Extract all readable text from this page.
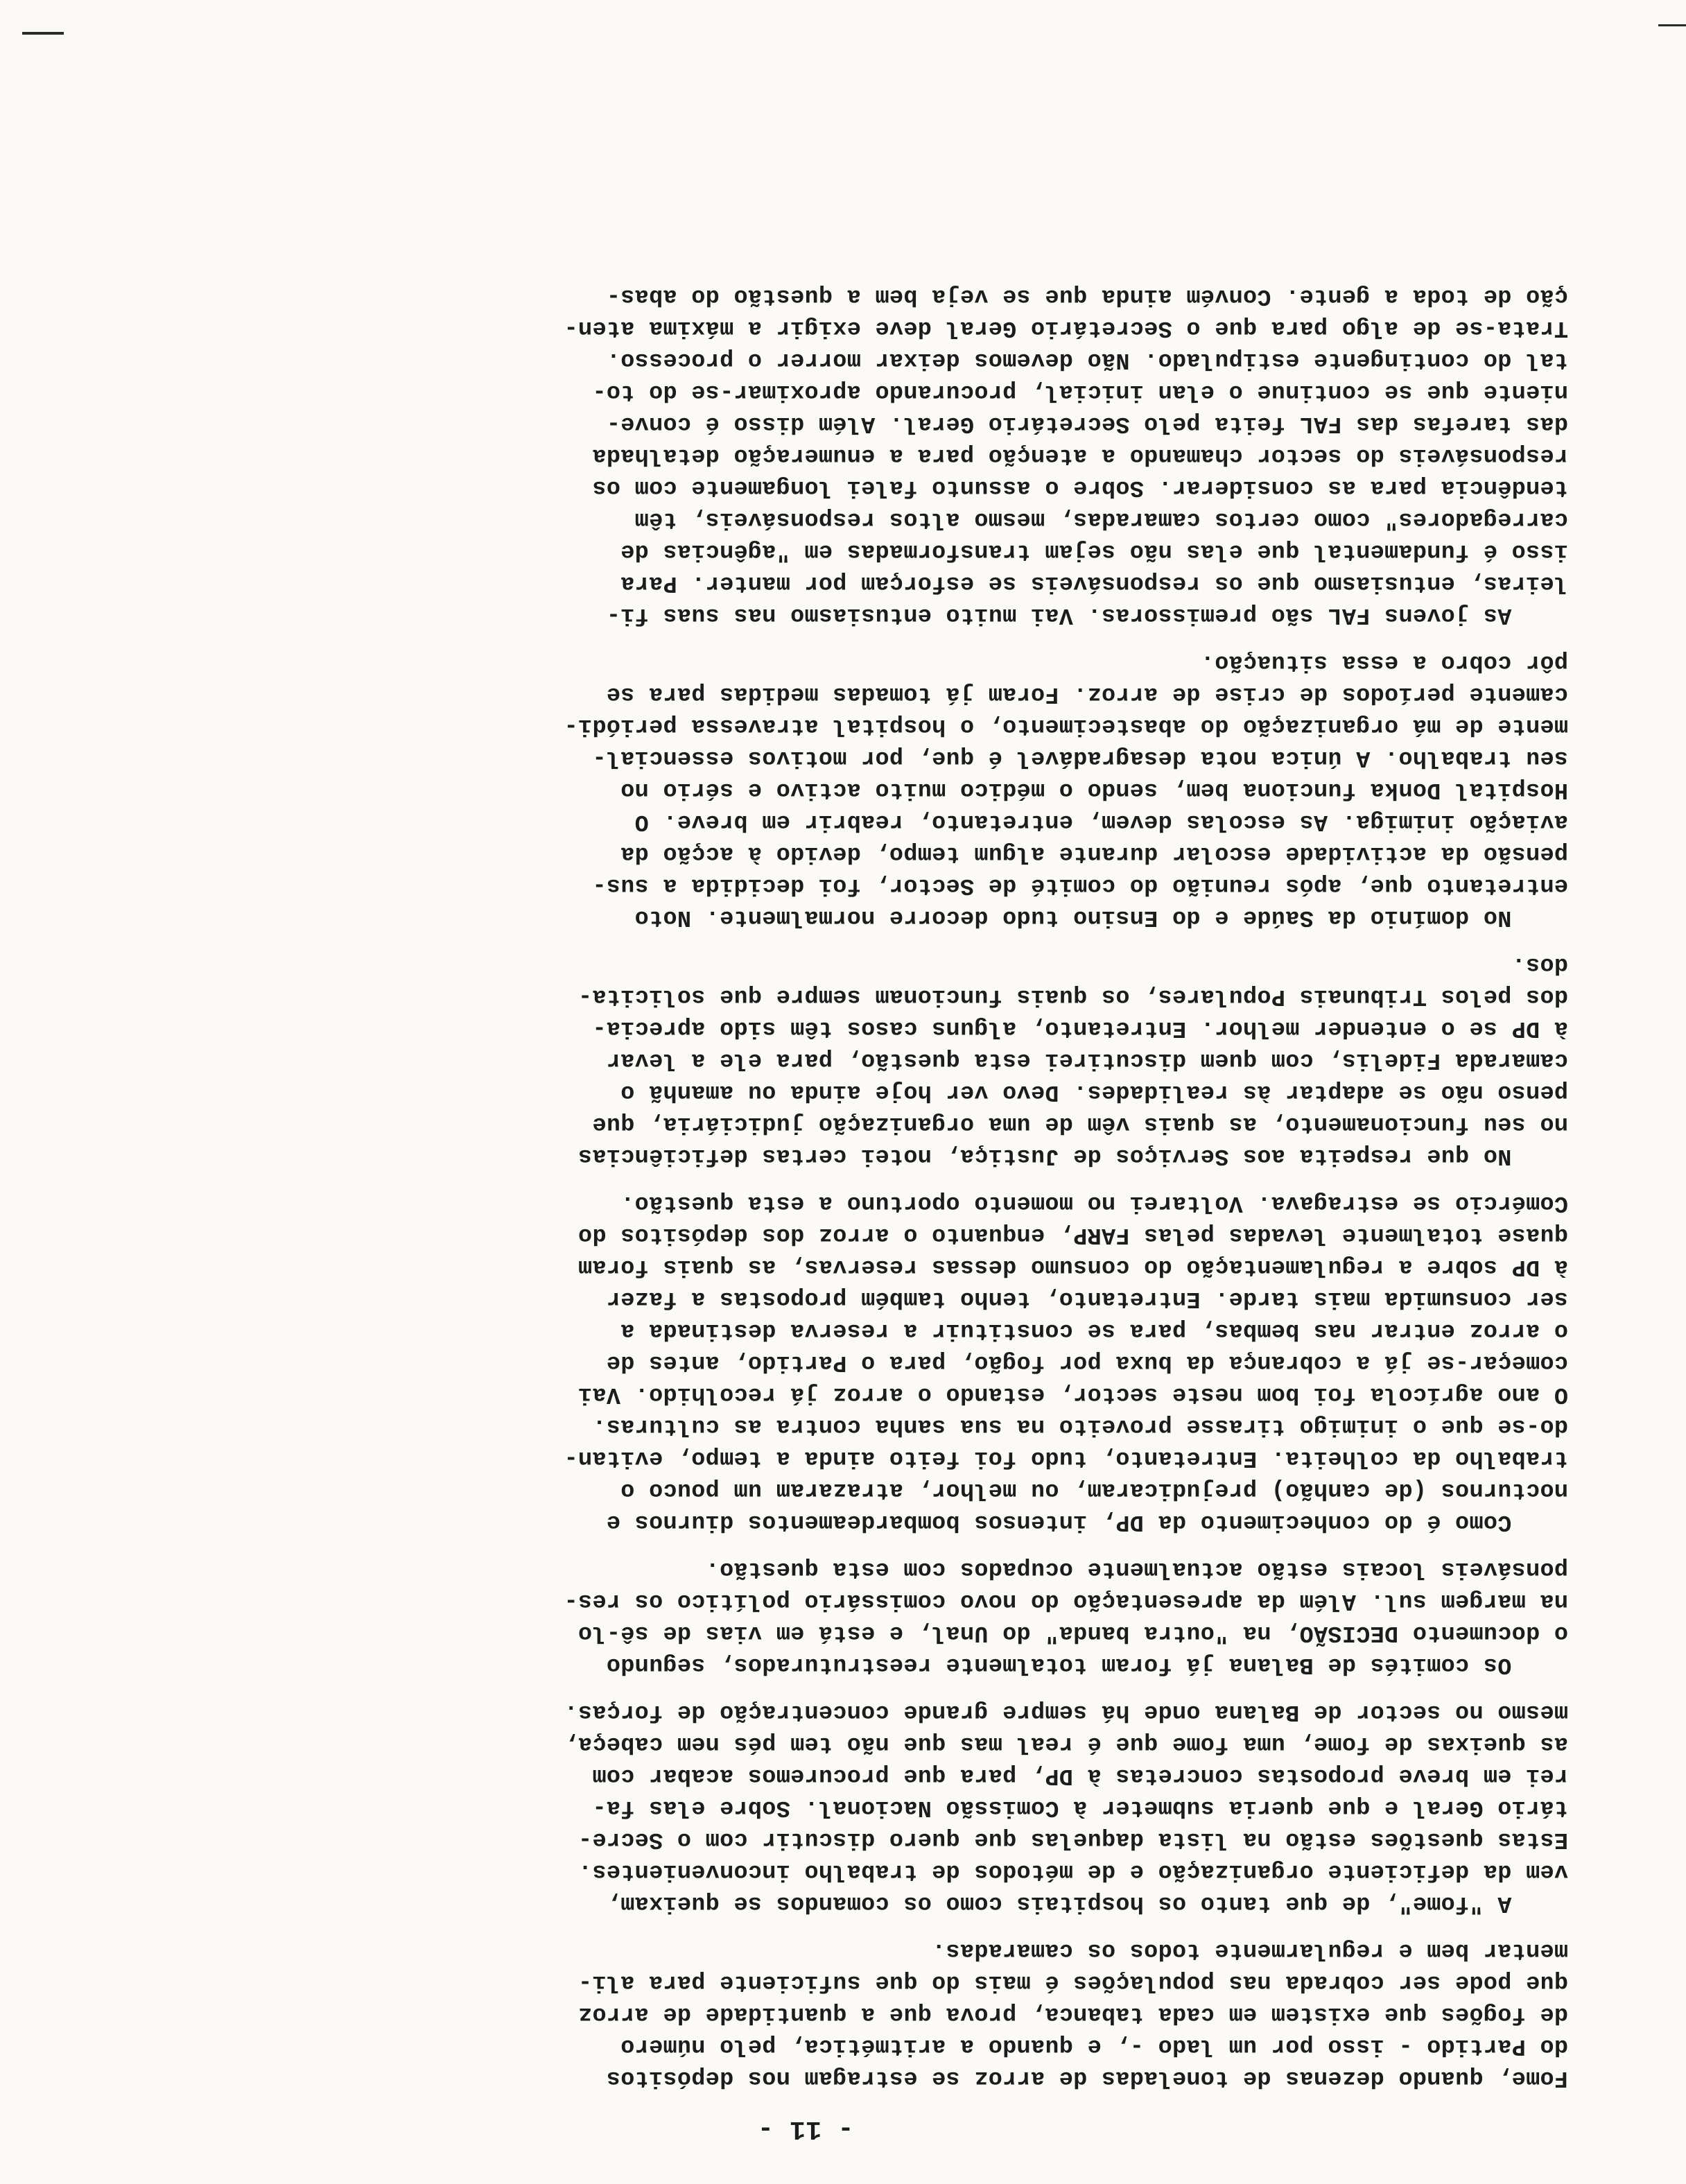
- 11 -
Fome, quando dezenas de toneladas de arroz se estragam nos depósitos
do Partido - isso por um lado -, e quando a aritmética, pelo número
de fogões que existem em cada tabanca, prova que a quantidade de arroz
que pode ser cobrada nas populações é mais do que suficiente para ali-
mentar bem e regularmente todos os camaradas.
A "fome", de que tanto os hospitais como os comandos se queixam,
vem da deficiente organização e de métodos de trabalho inconvenientes.
Estas questões estão na lista daquelas que quero discutir com o Secre-
tário Geral e que queria submeter à Comissão Nacional. Sobre elas fa-
rei em breve propostas concretas à DP, para que procuremos acabar com
as queixas de fome, uma fome que é real mas que não tem pés nem cabeça,
mesmo no sector de Balana onde há sempre grande concentração de forças.
Os comités de Balana já foram totalmente reestruturados, segundo
o documento DECISÃO, na "outra banda" do Unal, e está em vias de sê-lo
na margem sul. Além da apresentação do novo comissário político os res-
ponsáveis locais estão actualmente ocupados com esta questão.
Como é do conhecimento da DP, intensos bombardeamentos diurnos e
nocturnos (de canhão) prejudicaram, ou melhor, atrazaram um pouco o
trabalho da colheita. Entretanto, tudo foi feito ainda a tempo, evitan-
do-se que o inimigo tirasse proveito na sua sanha contra as culturas.
O ano agrícola foi bom neste sector, estando o arroz já recolhido. Vai
começar-se já a cobrança da buxa por fogão, para o Partido, antes de
o arroz entrar nas bembas, para se constituir a reserva destinada a
ser consumida mais tarde. Entretanto, tenho também propostas a fazer
à DP sobre a regulamentação do consumo dessas reservas, as quais foram
quase totalmente levadas pelas FARP, enquanto o arroz dos depósitos do
Comércio se estragava. Voltarei no momento oportuno a esta questão.
No que respeita aos Serviços de Justiça, notei certas deficiências
no seu funcionamento, as quais vêm de uma organização judiciária, que
penso não se adaptar às realidades. Devo ver hoje ainda ou amanhã o
camarada Fidelis, com quem discutirei esta questão, para ele a levar
à DP se o entender melhor. Entretanto, alguns casos têm sido aprecia-
dos pelos Tribunais Populares, os quais funcionam sempre que solicita-
dos.
No domínio da Saúde e do Ensino tudo decorre normalmente. Noto
entretanto que, após reunião do comité de Sector, foi decidida a sus-
pensão da actividade escolar durante algum tempo, devido à acção da
aviação inimiga. As escolas devem, entretanto, reabrir em breve. O
Hospital Donka funciona bem, sendo o médico muito activo e sério no
seu trabalho. A única nota desagradável é que, por motivos essencial-
mente de má organização do abastecimento, o hospital atravessa periódi-
camente períodos de crise de arroz. Foram já tomadas medidas para se
pôr cobro a essa situação.
As jovens FAL são premissoras. Vai muito entusiasmo nas suas fi-
leiras, entusiasmo que os responsáveis se esforçam por manter. Para
isso é fundamental que elas não sejam transformadas em "agências de
carregadores" como certos camaradas, mesmo altos responsáveis, têm
tendência para as considerar. Sobre o assunto falei longamente com os
responsáveis do sector chamando a atenção para a enumeração detalhada
das tarefas das FAL feita pelo Secretário Geral. Além disso é conve-
niente que se continue o elan inicial, procurando aproximar-se do to-
tal do contingente estipulado. Não devemos deixar morrer o processo.
Trata-se de algo para que o Secretário Geral deve exigir a máxima aten-
ção de toda a gente. Convém ainda que se veja bem a questão do abas-
